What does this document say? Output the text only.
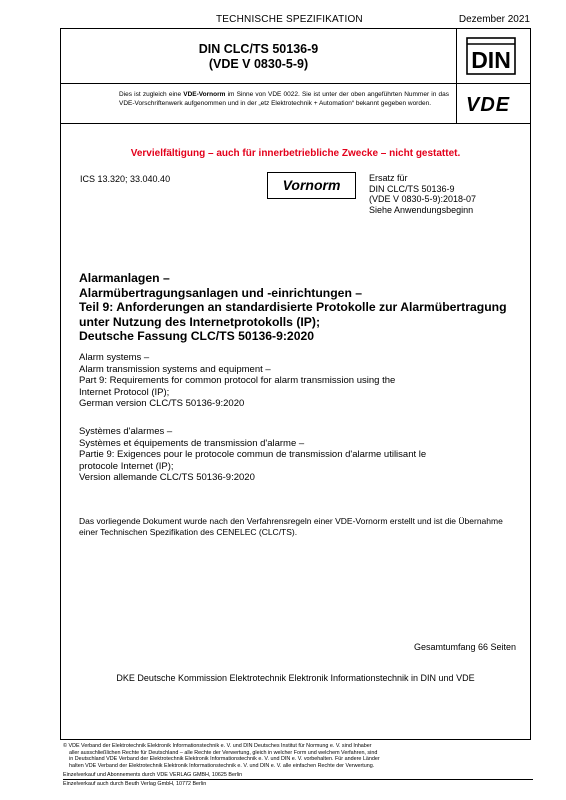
TECHNISCHE SPEZIFIKATION	Dezember 2021
DIN CLC/TS 50136-9
(VDE V 0830-5-9)	DIN
Dies ist zugleich eine VDE-Vornorm im Sinne von VDE 0022. Sie ist unter der oben angeführten Nummer in das VDE-Vorschriftenwerk aufgenommen und in der „etz Elektrotechnik + Automation“ bekannt gegeben worden.	VDE
Vervielfältigung – auch für innerbetriebliche Zwecke – nicht gestattet.
ICS 13.320; 33.040.40	Vornorm	Ersatz für
DIN CLC/TS 50136-9
(VDE V 0830-5-9):2018-07
Siehe Anwendungsbeginn
Alarmanlagen –
Alarmübertragungsanlagen und -einrichtungen –
Teil 9: Anforderungen an standardisierte Protokolle zur Alarmübertragung
unter Nutzung des Internetprotokolls (IP);
Deutsche Fassung CLC/TS 50136-9:2020
Alarm systems –
Alarm transmission systems and equipment –
Part 9: Requirements for common protocol for alarm transmission using the
Internet Protocol (IP);
German version CLC/TS 50136-9:2020
Systèmes d'alarmes –
Systèmes et équipements de transmission d'alarme –
Partie 9: Exigences pour le protocole commun de transmission d'alarme utilisant le
protocole Internet (IP);
Version allemande CLC/TS 50136-9:2020
Das vorliegende Dokument wurde nach den Verfahrensregeln einer VDE-Vornorm erstellt und ist die Übernahme einer Technischen Spezifikation des CENELEC (CLC/TS).
Gesamtumfang 66 Seiten
DKE Deutsche Kommission Elektrotechnik Elektronik Informationstechnik in DIN und VDE
© VDE Verband der Elektrotechnik Elektronik Informationstechnik e. V. und DIN Deutsches Institut für Normung e. V. sind Inhaber
aller ausschließlichen Rechte für Deutschland – alle Rechte der Verwertung, gleich in welcher Form und welchem Verfahren, sind
in Deutschland VDE Verband der Elektrotechnik Elektronik Informationstechnik e. V. und DIN e. V. vorbehalten. Für andere Länder
halten VDE Verband der Elektrotechnik Elektronik Informationstechnik e. V. und DIN e. V. alle einfachen Rechte der Verwertung.
Einzelverkauf und Abonnements durch VDE VERLAG GMBH, 10625 Berlin
Einzelverkauf auch durch Beuth Verlag GmbH, 10772 Berlin
